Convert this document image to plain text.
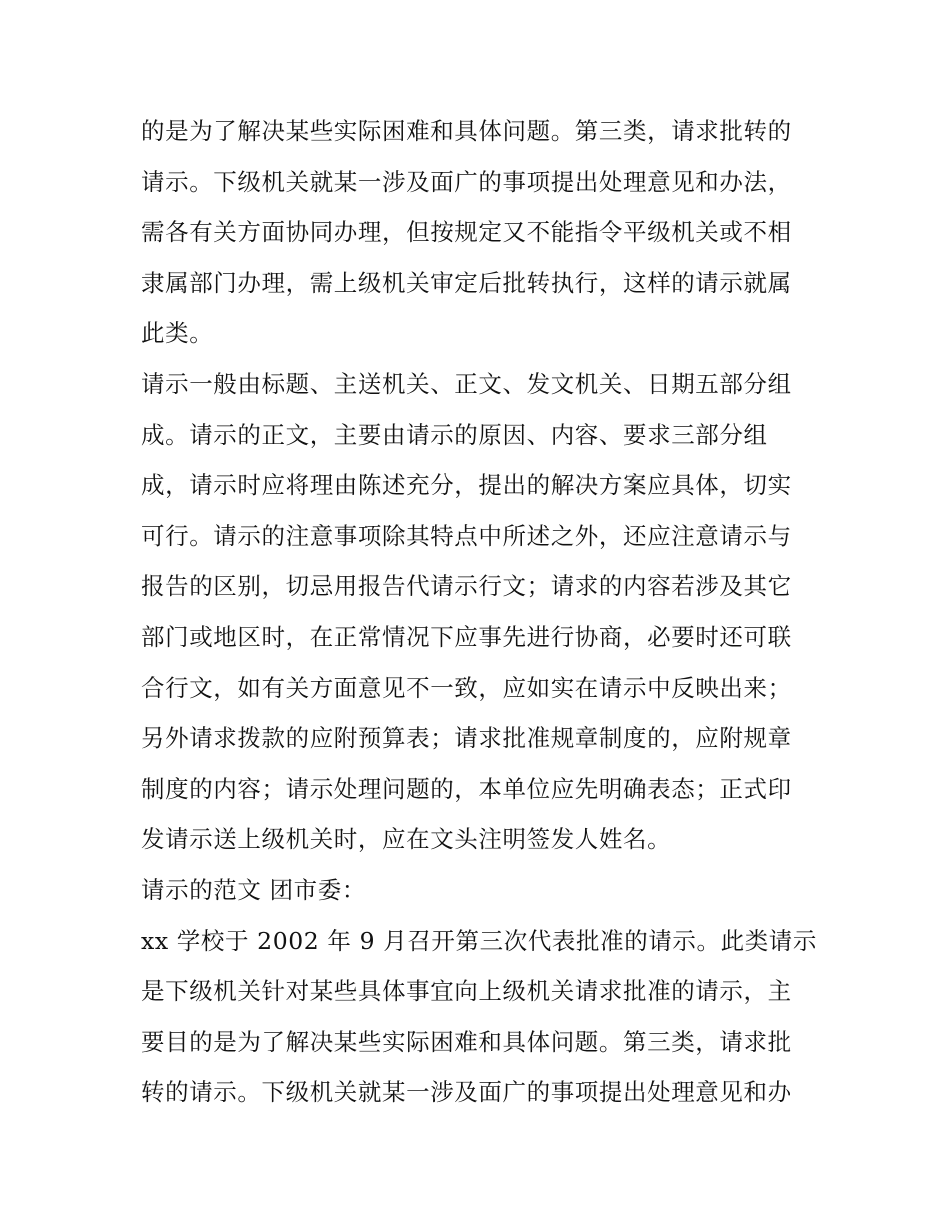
的是为了解决某些实际困难和具体问题。第三类，请求批转的
请示。下级机关就某一涉及面广的事项提出处理意见和办法，
需各有关方面协同办理，但按规定又不能指令平级机关或不相
隶属部门办理，需上级机关审定后批转执行，这样的请示就属
此类。
请示一般由标题、主送机关、正文、发文机关、日期五部分组
成。请示的正文，主要由请示的原因、内容、要求三部分组
成，请示时应将理由陈述充分，提出的解决方案应具体，切实
可行。请示的注意事项除其特点中所述之外，还应注意请示与
报告的区别，切忌用报告代请示行文；请求的内容若涉及其它
部门或地区时，在正常情况下应事先进行协商，必要时还可联
合行文，如有关方面意见不一致，应如实在请示中反映出来；
另外请求拨款的应附预算表；请求批准规章制度的，应附规章
制度的内容；请示处理问题的，本单位应先明确表态；正式印
发请示送上级机关时，应在文头注明签发人姓名。
请示的范文 团市委：
xx 学校于 2002 年 9 月召开第三次代表批准的请示。此类请示
是下级机关针对某些具体事宜向上级机关请求批准的请示，主
要目的是为了解决某些实际困难和具体问题。第三类，请求批
转的请示。下级机关就某一涉及面广的事项提出处理意见和办
